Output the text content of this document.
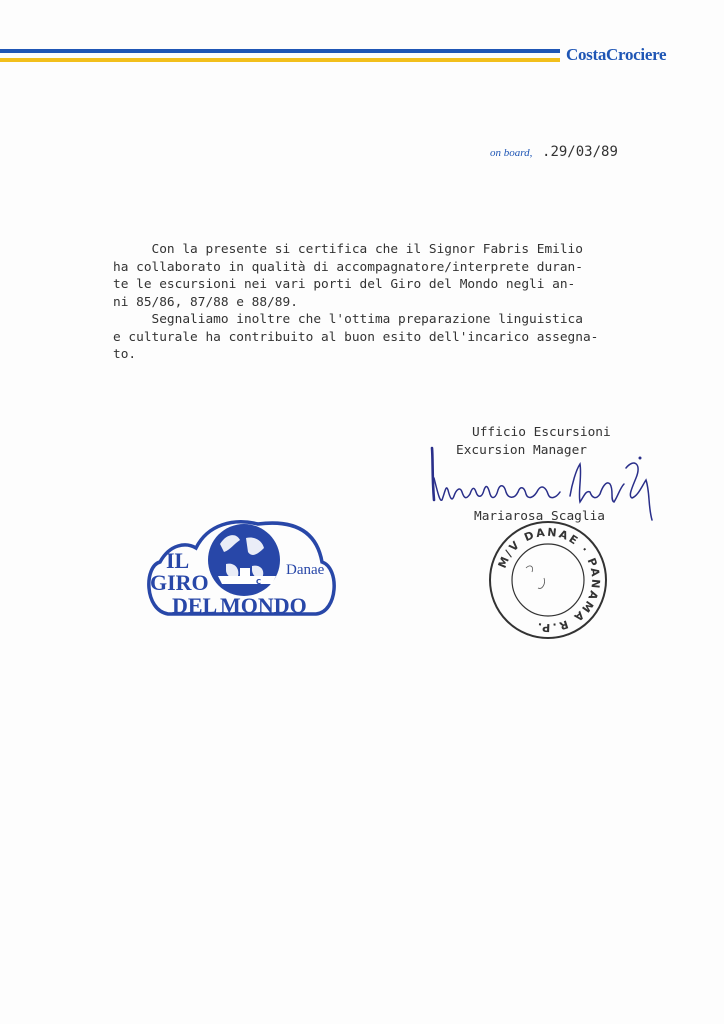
CostaCrociere
on board, .29/03/89
Con la presente si certifica che il Signor Fabris Emilio
ha collaborato in qualità di accompagnatore/interprete duran-
te le escursioni nei vari porti del Giro del Mondo negli an-
ni 85/86, 87/88 e 88/89.
Segnaliamo inoltre che l'ottima preparazione linguistica
e culturale ha contribuito al buon esito dell'incarico assegna-
to.
Ufficio Escursioni
Excursion Manager
Mariarosa Scaglia
C
IL
GIRO
DEL MONDO
Danae	M/V DANAE · PANAMA R.P.
